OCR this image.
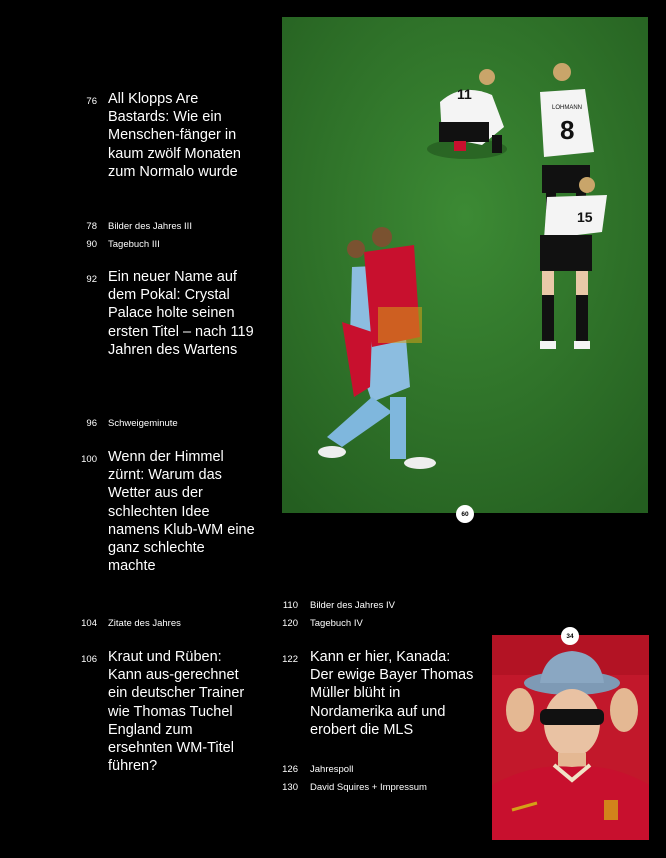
76 All Klopps Are Bastards: Wie ein Menschen-fänger in kaum zwölf Monaten zum Normalo wurde
78 Bilder des Jahres III
90 Tagebuch III
92 Ein neuer Name auf dem Pokal: Crystal Palace holte seinen ersten Titel – nach 119 Jahren des Wartens
96 Schweigeminute
100 Wenn der Himmel zürnt: Warum das Wetter aus der schlechten Idee namens Klub-WM eine ganz schlechte machte
104 Zitate des Jahres
106 Kraut und Rüben: Kann aus-gerechnet ein deutscher Trainer wie Thomas Tuchel England zum ersehnten WM-Titel führen?
11
LOHMANN
8
15
60
110 Bilder des Jahres IV
120 Tagebuch IV
122 Kann er hier, Kanada: Der ewige Bayer Thomas Müller blüht in Nordamerika auf und erobert die MLS
126 Jahrespoll
130 David Squires + Impressum
34
